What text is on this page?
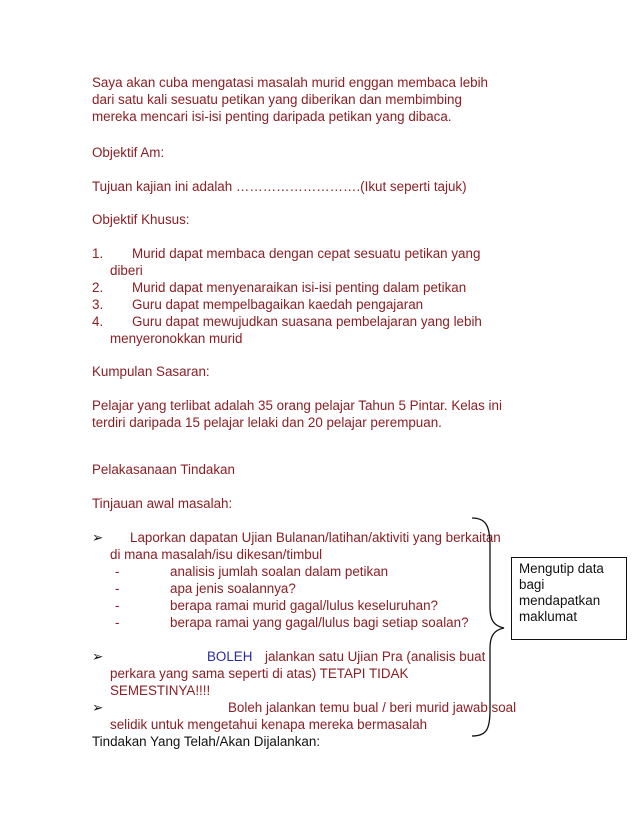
Saya akan cuba mengatasi masalah murid enggan membaca lebih
dari satu kali sesuatu petikan yang diberikan dan membimbing
mereka mencari isi-isi penting daripada petikan yang dibaca.
Objektif Am:
Tujuan kajian ini adalah ……………………….(Ikut seperti tajuk)
Objektif Khusus:
1. Murid dapat membaca dengan cepat sesuatu petikan yang
diberi
2. Murid dapat menyenaraikan isi-isi penting dalam petikan
3. Guru dapat mempelbagaikan kaedah pengajaran
4. Guru dapat mewujudkan suasana pembelajaran yang lebih
menyeronokkan murid
Kumpulan Sasaran:
Pelajar yang terlibat adalah 35 orang pelajar Tahun 5 Pintar. Kelas ini
terdiri daripada 15 pelajar lelaki dan 20 pelajar perempuan.
Pelakasanaan Tindakan
Tinjauan awal masalah:
➢ Laporkan dapatan Ujian Bulanan/latihan/aktiviti yang berkaitan
di mana masalah/isu dikesan/timbul
-	analisis jumlah soalan dalam petikan
-	apa jenis soalannya?
-	berapa ramai murid gagal/lulus keseluruhan?
-	berapa ramai yang gagal/lulus bagi setiap soalan?
➢	BOLEH jalankan satu Ujian Pra (analisis buat
perkara yang sama seperti di atas) TETAPI TIDAK
SEMESTINYA!!!!
➢	Boleh jalankan temu bual / beri murid jawab soal
selidik untuk mengetahui kenapa mereka bermasalah
Tindakan Yang Telah/Akan Dijalankan:
Mengutip data
bagi
mendapatkan
maklumat
